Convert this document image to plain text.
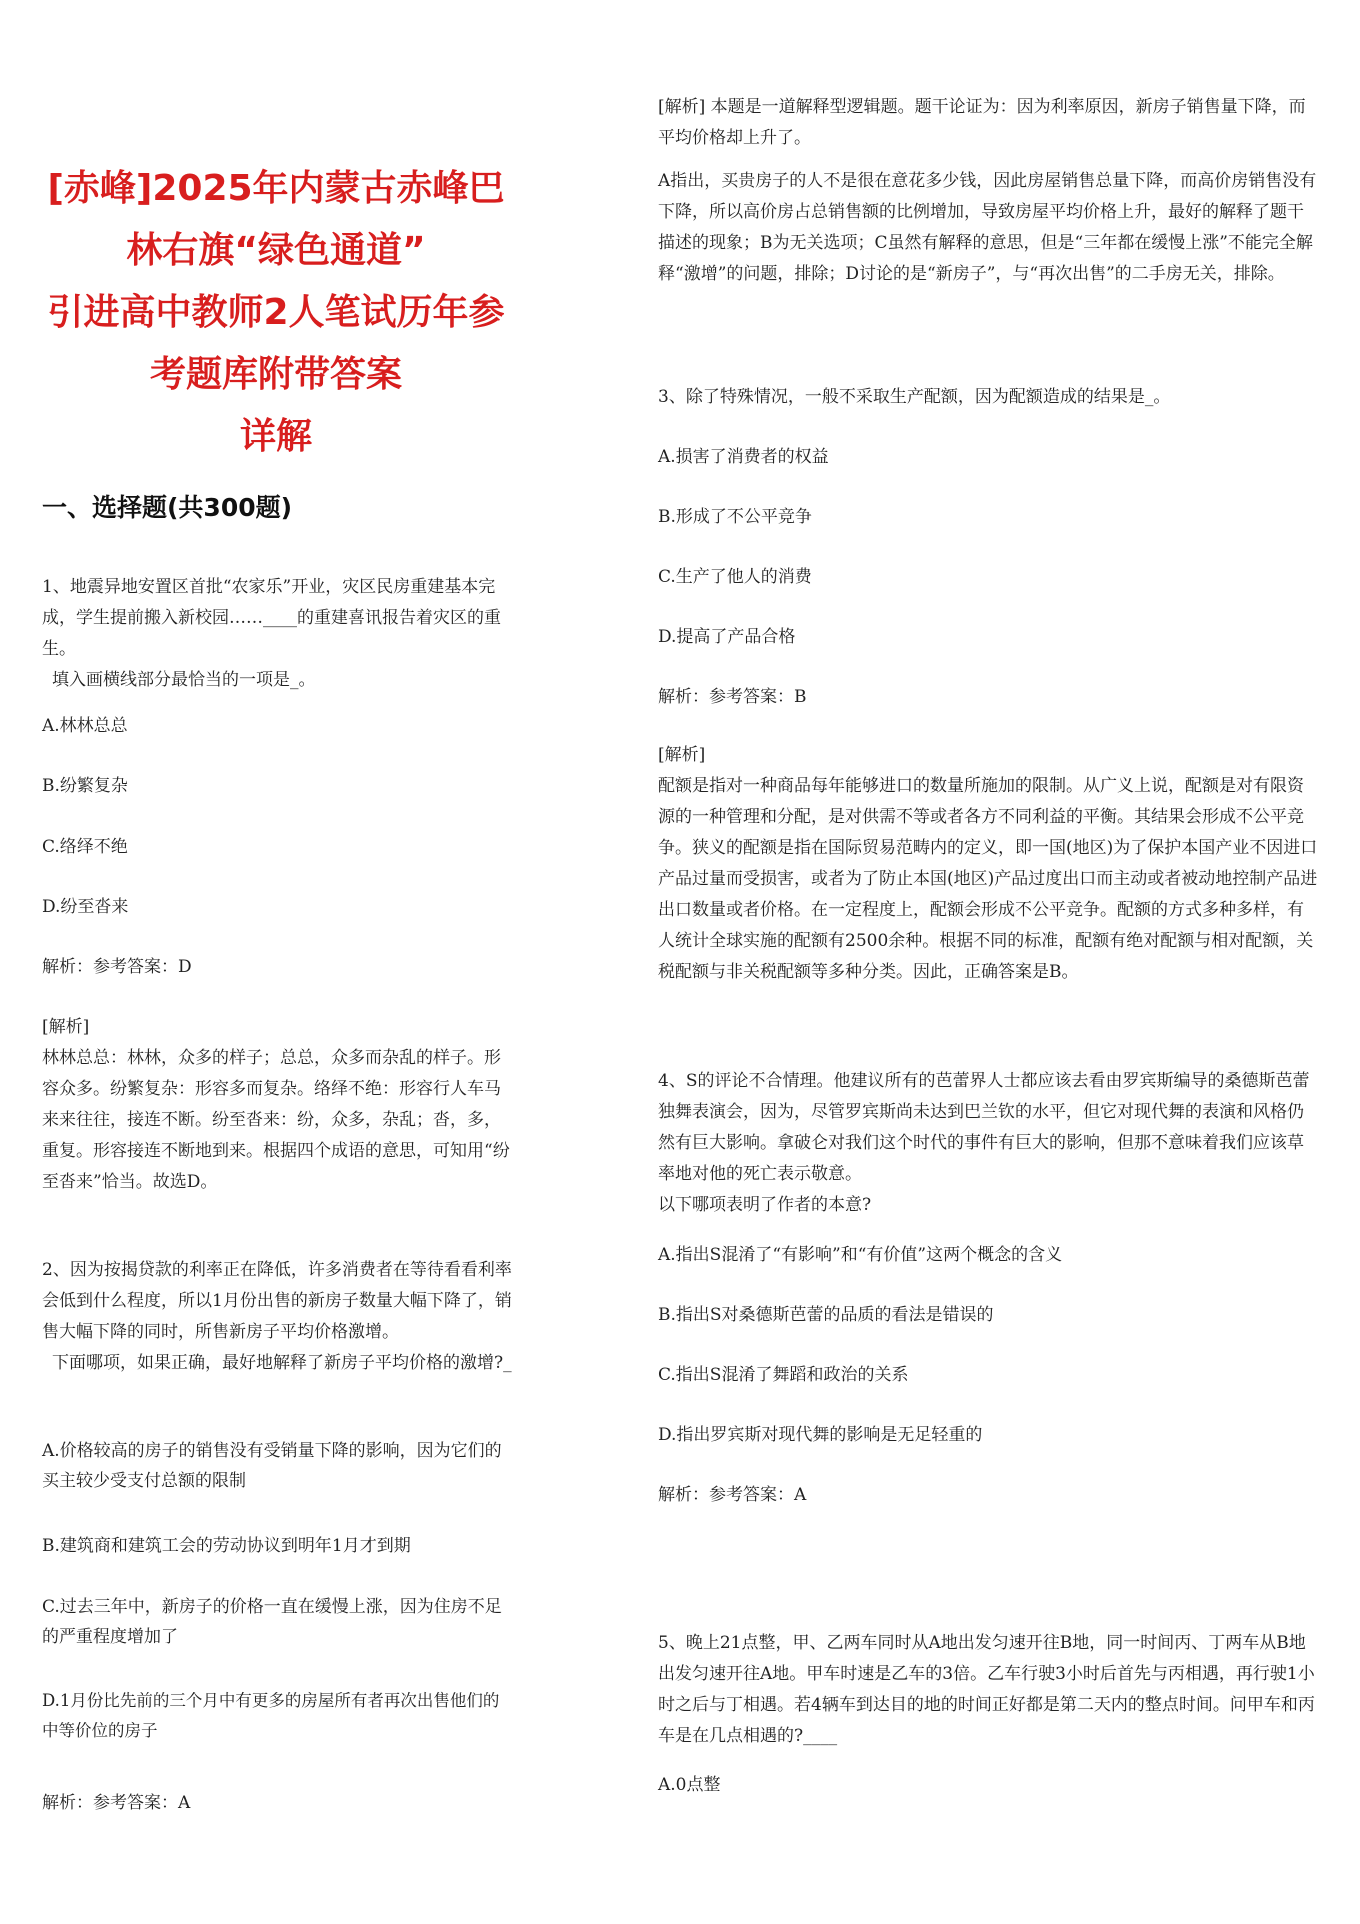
[赤峰]2025年内蒙古赤峰巴林右旗“绿色通道”
引进高中教师2人笔试历年参考题库附带答案
详解
一、选择题(共300题)

1、地震异地安置区首批“农家乐”开业，灾区民房重建基本完成，学生提前搬入新校园……____的重建喜讯报告着灾区的重生。

填入画横线部分最恰当的一项是_。

A.林林总总
B.纷繁复杂
C.络绎不绝
D.纷至沓来
解析：参考答案：D

[解析]

林林总总：林林，众多的样子；总总，众多而杂乱的样子。形容众多。纷繁复杂：形容多而复杂。络绎不绝：形容行人车马来来往往，接连不断。纷至沓来：纷，众多，杂乱；沓，多，重复。形容接连不断地到来。根据四个成语的意思，可知用“纷至沓来”恰当。故选D。

2、因为按揭贷款的利率正在降低，许多消费者在等待看看利率会低到什么程度，所以1月份出售的新房子数量大幅下降了，销售大幅下降的同时，所售新房子平均价格激增。

下面哪项，如果正确，最好地解释了新房子平均价格的激增?_

A.价格较高的房子的销售没有受销量下降的影响，因为它们的买主较少受支付总额的限制
B.建筑商和建筑工会的劳动协议到明年1月才到期
C.过去三年中，新房子的价格一直在缓慢上涨，因为住房不足的严重程度增加了
D.1月份比先前的三个月中有更多的房屋所有者再次出售他们的中等价位的房子
解析：参考答案：A
[解析] 本题是一道解释型逻辑题。题干论证为：因为利率原因，新房子销售量下降，而平均价格却上升了。
A指出，买贵房子的人不是很在意花多少钱，因此房屋销售总量下降，而高价房销售没有下降，所以高价房占总销售额的比例增加，导致房屋平均价格上升，最好的解释了题干描述的现象；B为无关选项；C虽然有解释的意思，但是“三年都在缓慢上涨”不能完全解释“激增”的问题，排除；D讨论的是“新房子”，与“再次出售”的二手房无关，排除。
3、除了特殊情况，一般不采取生产配额，因为配额造成的结果是_。
A.损害了消费者的权益
B.形成了不公平竞争
C.生产了他人的消费
D.提高了产品合格
解析：参考答案：B

[解析]

配额是指对一种商品每年能够进口的数量所施加的限制。从广义上说，配额是对有限资源的一种管理和分配，是对供需不等或者各方不同利益的平衡。其结果会形成不公平竞争。狭义的配额是指在国际贸易范畴内的定义，即一国(地区)为了保护本国产业不因进口产品过量而受损害，或者为了防止本国(地区)产品过度出口而主动或者被动地控制产品进出口数量或者价格。在一定程度上，配额会形成不公平竞争。配额的方式多种多样，有人统计全球实施的配额有2500余种。根据不同的标准，配额有绝对配额与相对配额，关税配额与非关税配额等多种分类。因此，正确答案是B。

4、S的评论不合情理。他建议所有的芭蕾界人士都应该去看由罗宾斯编导的桑德斯芭蕾独舞表演会，因为，尽管罗宾斯尚未达到巴兰钦的水平，但它对现代舞的表演和风格仍然有巨大影响。拿破仑对我们这个时代的事件有巨大的影响，但那不意味着我们应该草率地对他的死亡表示敬意。

以下哪项表明了作者的本意?

A.指出S混淆了“有影响”和“有价值”这两个概念的含义
B.指出S对桑德斯芭蕾的品质的看法是错误的
C.指出S混淆了舞蹈和政治的关系
D.指出罗宾斯对现代舞的影响是无足轻重的
解析：参考答案：A
5、晚上21点整，甲、乙两车同时从A地出发匀速开往B地，同一时间丙、丁两车从B地出发匀速开往A地。甲车时速是乙车的3倍。乙车行驶3小时后首先与丙相遇，再行驶1小时之后与丁相遇。若4辆车到达目的地的时间正好都是第二天内的整点时间。问甲车和丙车是在几点相遇的?____
A.0点整
